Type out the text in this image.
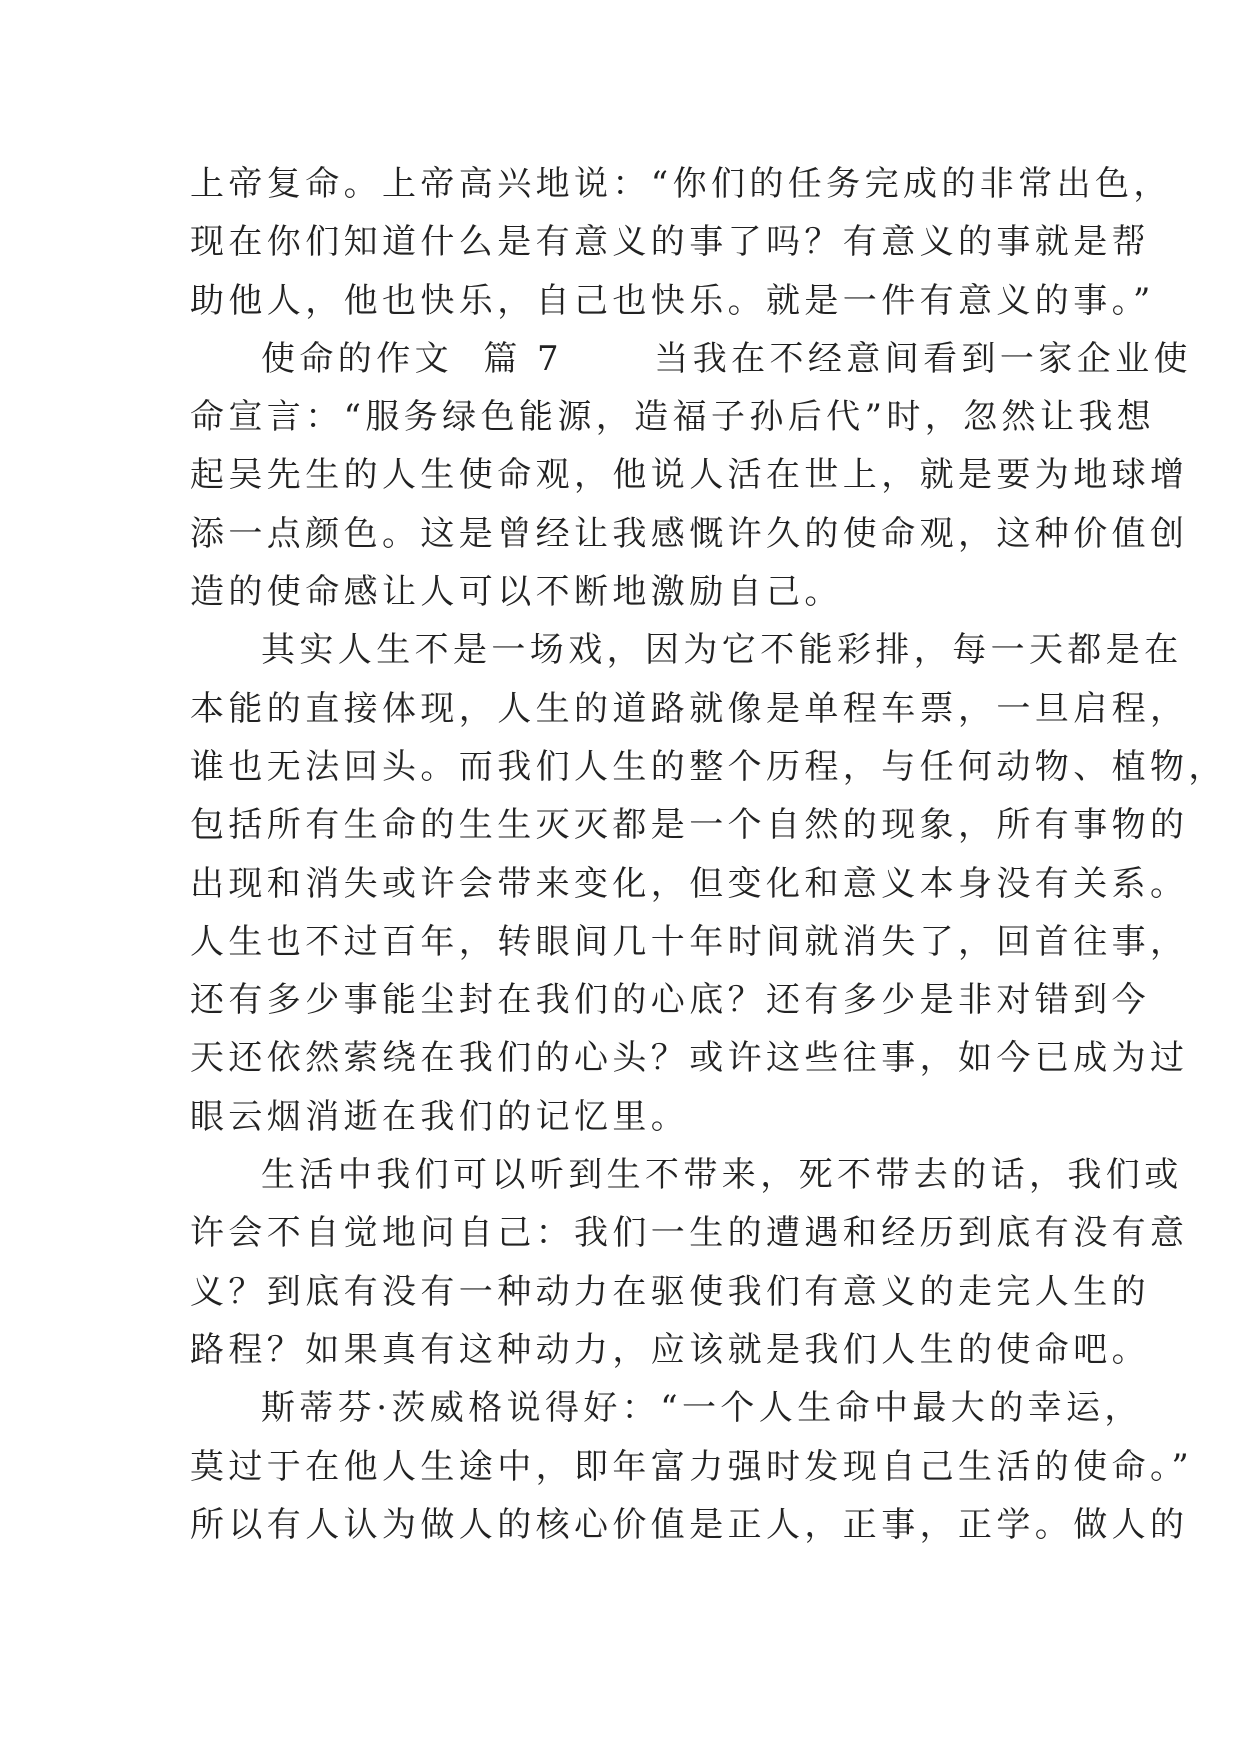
上帝复命。上帝高兴地说：“你们的任务完成的非常出色，
现在你们知道什么是有意义的事了吗？有意义的事就是帮
助他人，他也快乐，自己也快乐。就是一件有意义的事。”
使命的作文  篇 7      当我在不经意间看到一家企业使
命宣言：“服务绿色能源，造福子孙后代”时，忽然让我想
起吴先生的人生使命观，他说人活在世上，就是要为地球增
添一点颜色。这是曾经让我感慨许久的使命观，这种价值创
造的使命感让人可以不断地激励自己。
其实人生不是一场戏，因为它不能彩排，每一天都是在
本能的直接体现，人生的道路就像是单程车票，一旦启程，
谁也无法回头。而我们人生的整个历程，与任何动物、植物，
包括所有生命的生生灭灭都是一个自然的现象，所有事物的
出现和消失或许会带来变化，但变化和意义本身没有关系。
人生也不过百年，转眼间几十年时间就消失了，回首往事，
还有多少事能尘封在我们的心底？还有多少是非对错到今
天还依然萦绕在我们的心头？或许这些往事，如今已成为过
眼云烟消逝在我们的记忆里。
生活中我们可以听到生不带来，死不带去的话，我们或
许会不自觉地问自己：我们一生的遭遇和经历到底有没有意
义？到底有没有一种动力在驱使我们有意义的走完人生的
路程？如果真有这种动力，应该就是我们人生的使命吧。
斯蒂芬·茨威格说得好：“一个人生命中最大的幸运，
莫过于在他人生途中，即年富力强时发现自己生活的使命。”
所以有人认为做人的核心价值是正人，正事，正学。做人的
